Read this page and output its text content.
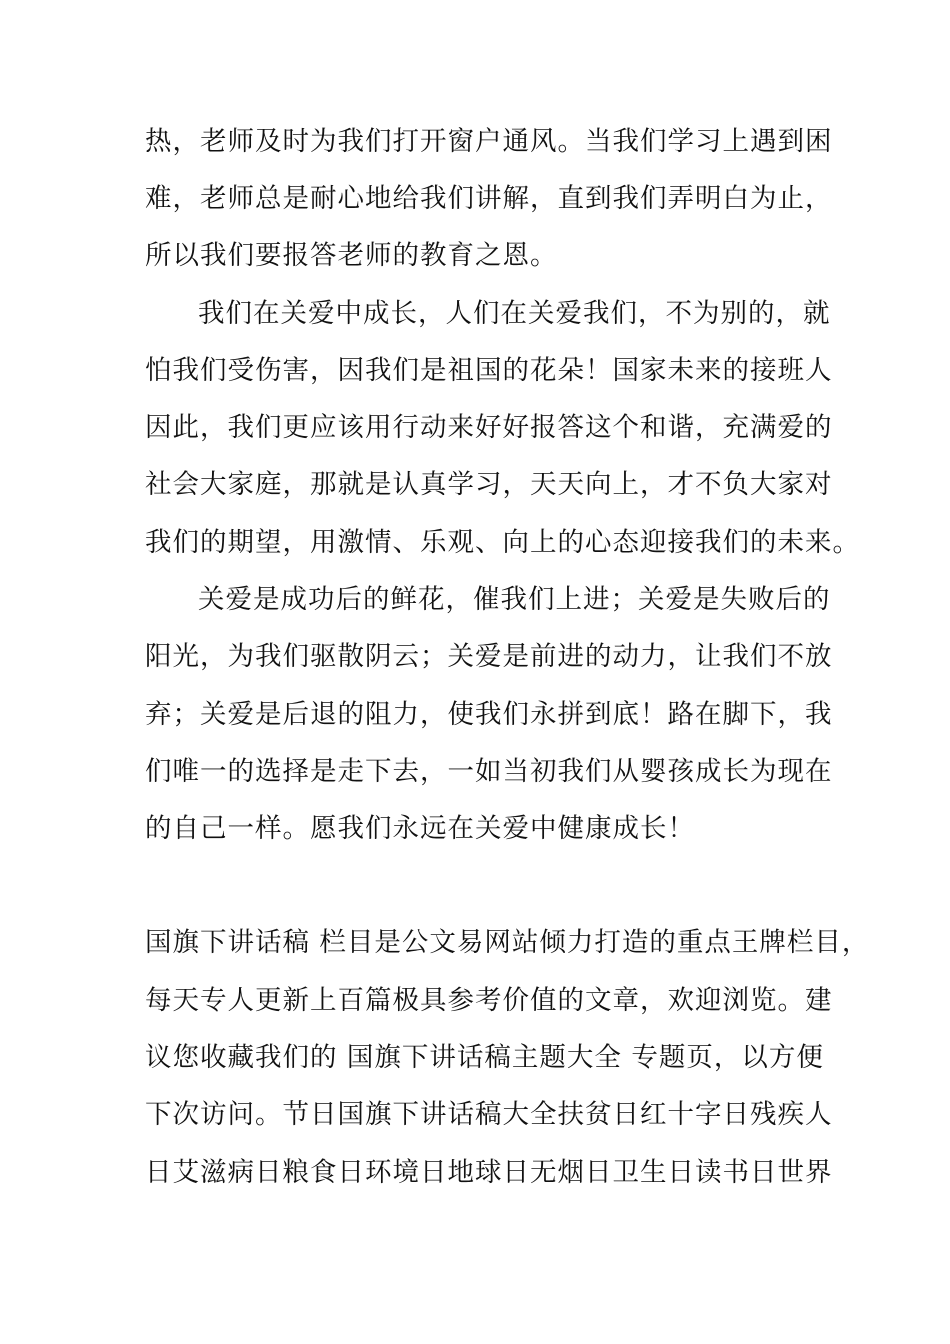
热，老师及时为我们打开窗户通风。当我们学习上遇到困
难，老师总是耐心地给我们讲解，直到我们弄明白为止，
所以我们要报答老师的教育之恩。
我们在关爱中成长，人们在关爱我们，不为别的，就
怕我们受伤害，因我们是祖国的花朵！国家未来的接班人
因此，我们更应该用行动来好好报答这个和谐，充满爱的
社会大家庭，那就是认真学习，天天向上，才不负大家对
我们的期望，用激情、乐观、向上的心态迎接我们的未来。
关爱是成功后的鲜花，催我们上进；关爱是失败后的
阳光，为我们驱散阴云；关爱是前进的动力，让我们不放
弃；关爱是后退的阻力，使我们永拼到底！路在脚下，我
们唯一的选择是走下去，一如当初我们从婴孩成长为现在
的自己一样。愿我们永远在关爱中健康成长！
国旗下讲话稿 栏目是公文易网站倾力打造的重点王牌栏目，
每天专人更新上百篇极具参考价值的文章，欢迎浏览。建
议您收藏我们的 国旗下讲话稿主题大全 专题页，以方便
下次访问。节日国旗下讲话稿大全扶贫日红十字日残疾人
日艾滋病日粮食日环境日地球日无烟日卫生日读书日世界
